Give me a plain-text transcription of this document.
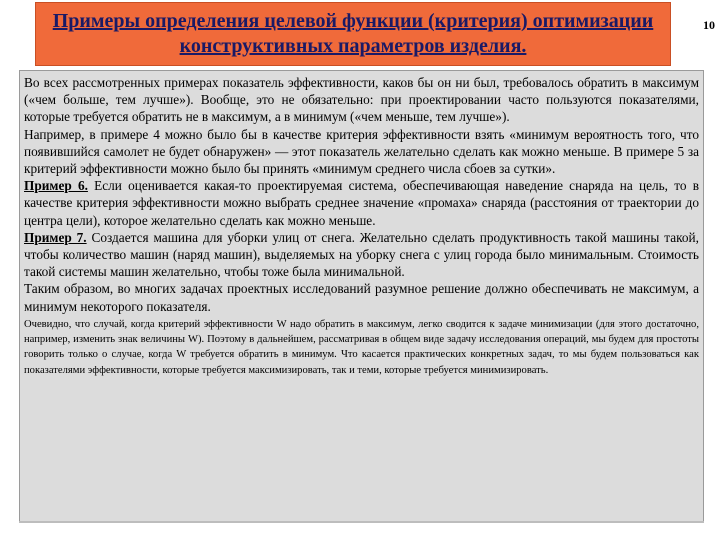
Примеры определения целевой функции (критерия) оптимизации конструктивных параметров изделия.

10

Во всех рассмотренных примерах показатель эффективности, каков бы он ни был, требовалось обратить в максимум («чем больше, тем лучше»). Вообще, это не обязательно: при проектировании часто пользуются показателями, которые требуется обратить не в максимум, а в минимум («чем меньше, тем лучше»).

Например, в примере 4 можно было бы в качестве критерия эффективности взять «минимум вероятность того, что появившийся самолет не будет обнаружен» — этот показатель желательно сделать как можно меньше. В примере 5 за критерий эффективности можно было бы принять «минимум среднего числа сбоев за сутки».

Пример 6. Если оценивается какая-то проектируемая система, обеспечивающая наведение снаряда на цель, то в качестве критерия эффективности можно выбрать среднее значение «промаха» снаряда (расстояния от траектории до центра цели), которое желательно сделать как можно меньше.

Пример 7. Создается машина для уборки улиц от снега. Желательно сделать продуктивность такой машины такой, чтобы количество машин (наряд машин), выделяемых на уборку снега с улиц города было минимальным. Стоимость такой системы машин желательно, чтобы тоже была минимальной.

Таким образом, во многих задачах проектных исследований разумное решение должно обеспечивать не максимум, а минимум некоторого показателя.

Очевидно, что случай, когда критерий эффективности W надо обратить в максимум, легко сводится к задаче минимизации (для этого достаточно, например, изменить знак величины W). Поэтому в дальнейшем, рассматривая в общем виде задачу исследования операций, мы будем для простоты говорить только о случае, когда W требуется обратить в минимум. Что касается практических конкретных задач, то мы будем пользоваться как показателями эффективности, которые требуется максимизировать, так и теми, которые требуется минимизировать.
